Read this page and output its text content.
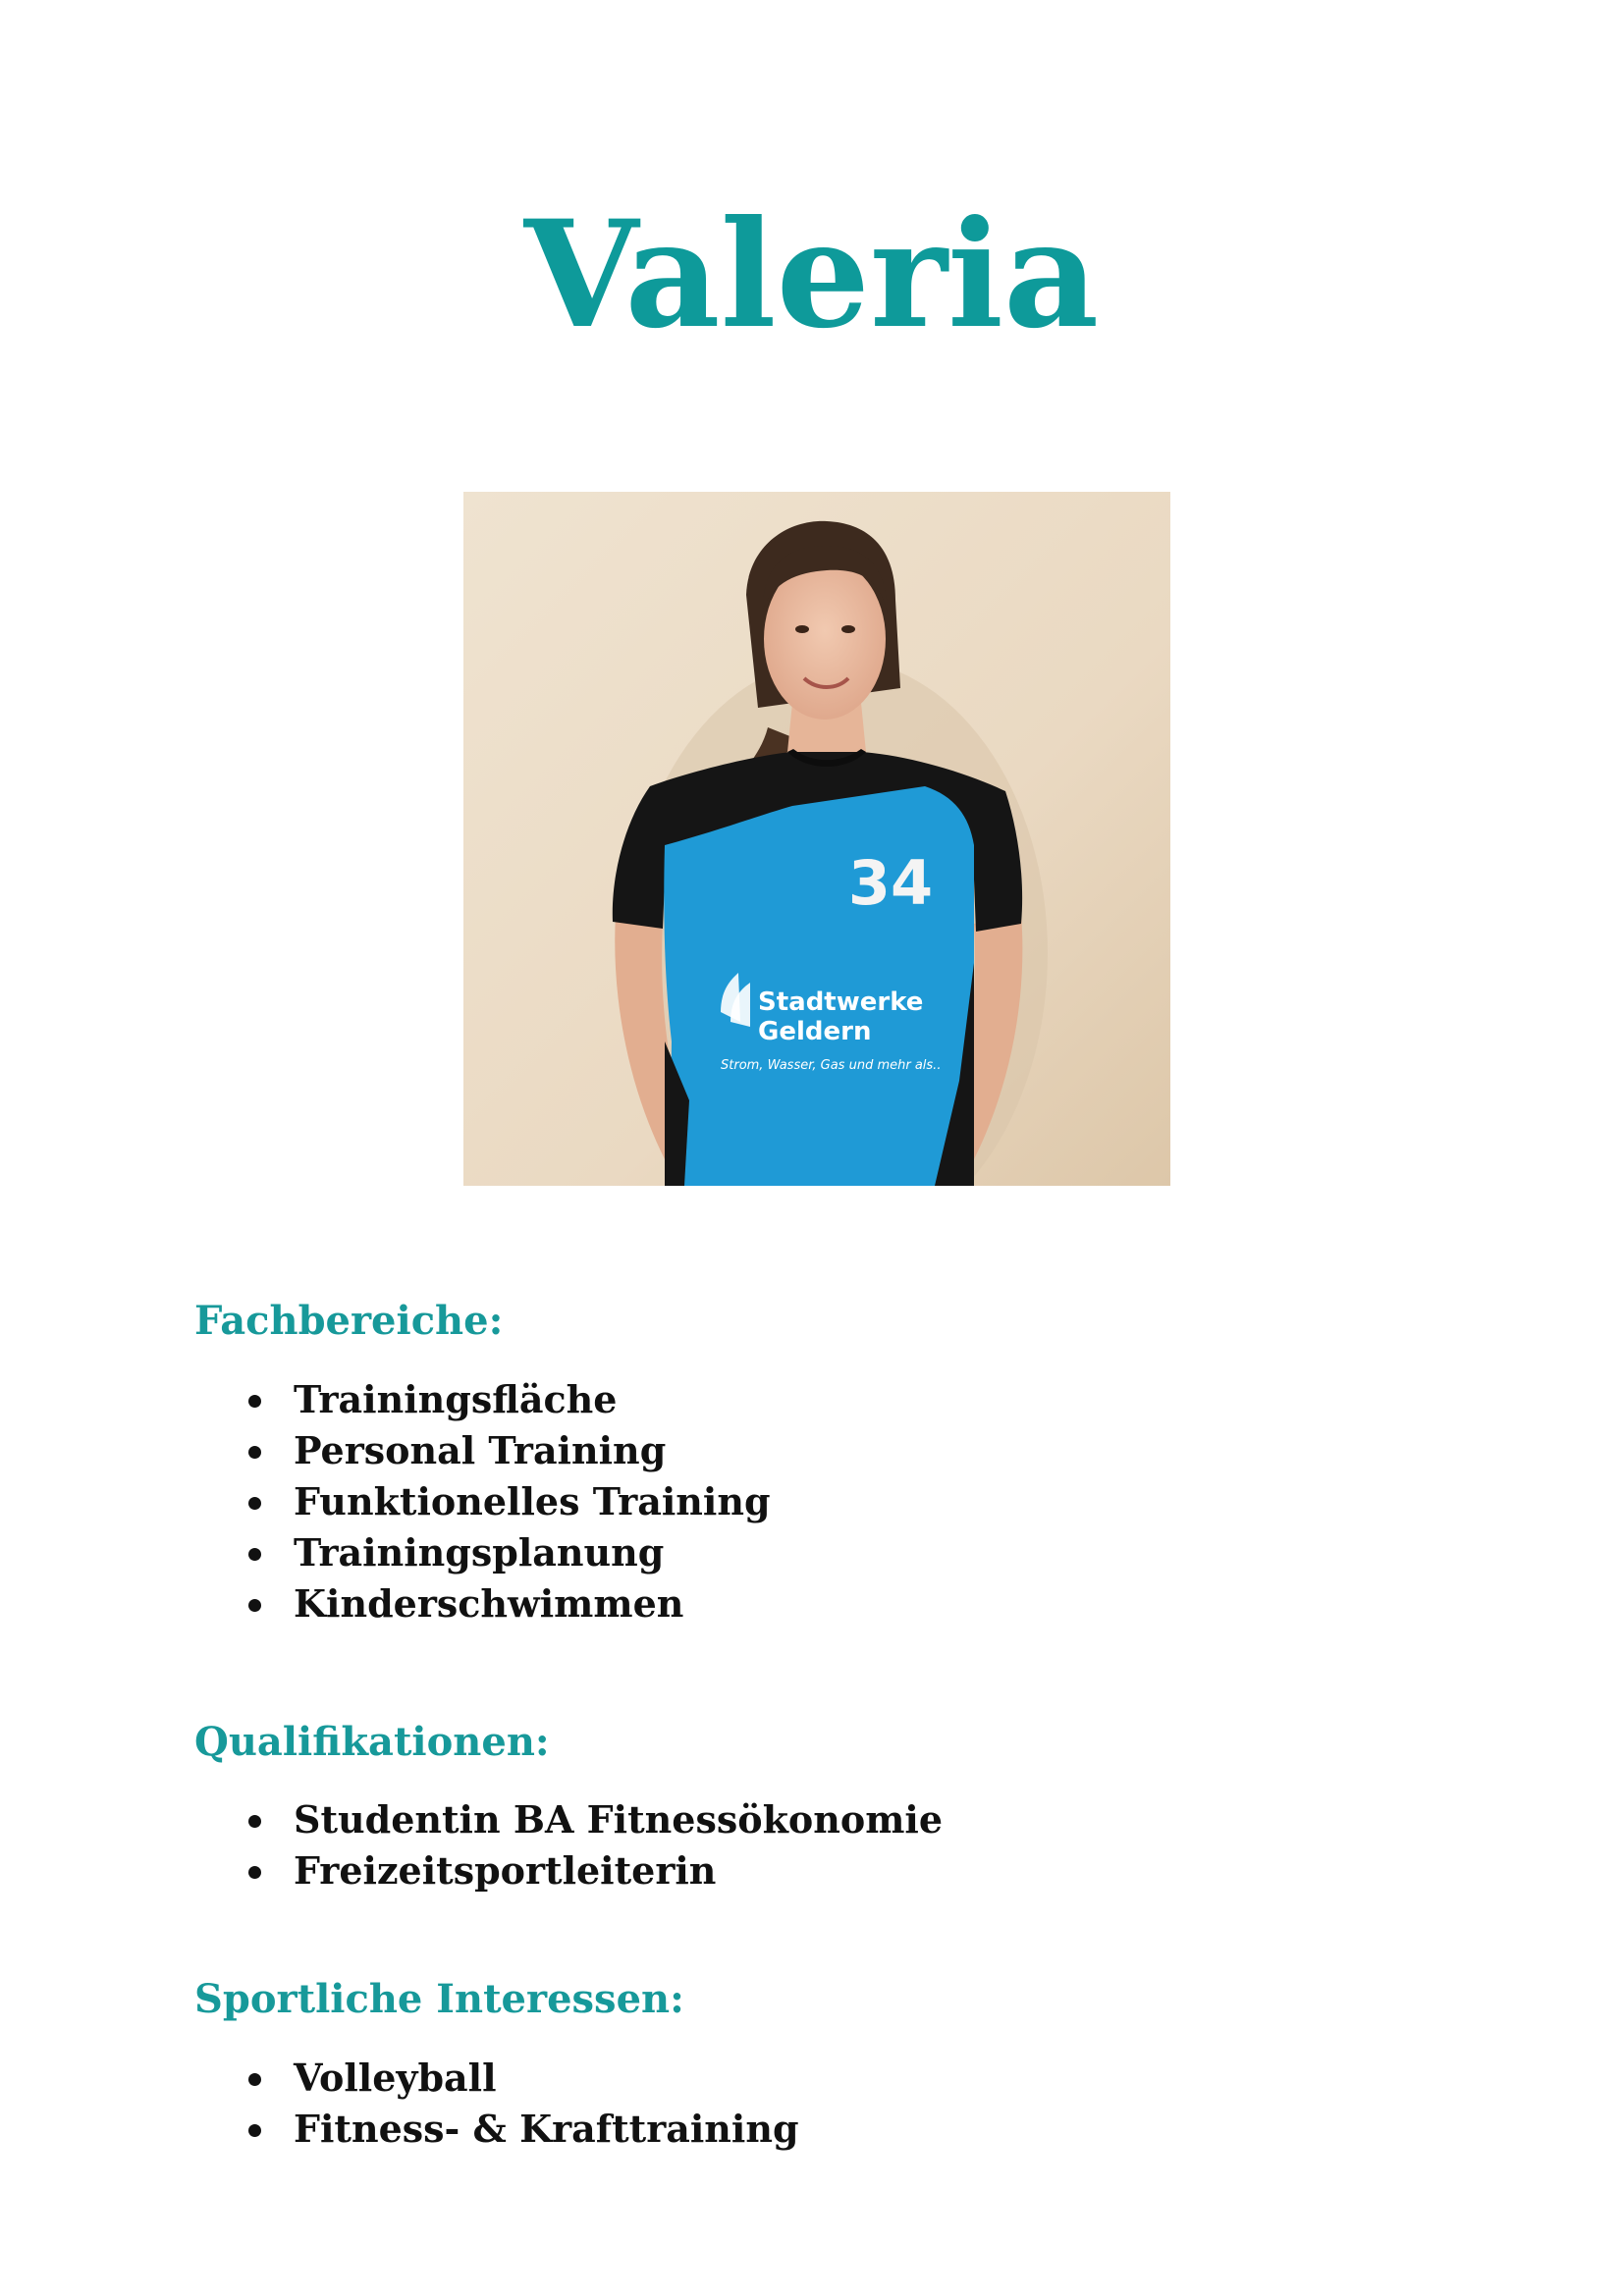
Valeria
34
Stadtwerke
Geldern
Strom, Wasser, Gas und mehr als..
Fachbereiche:
Trainingsfläche
Personal Training
Funktionelles Training
Trainingsplanung
Kinderschwimmen
Qualifikationen:
Studentin BA Fitnessökonomie
Freizeitsportleiterin
Sportliche Interessen:
Volleyball
Fitness- & Krafttraining
